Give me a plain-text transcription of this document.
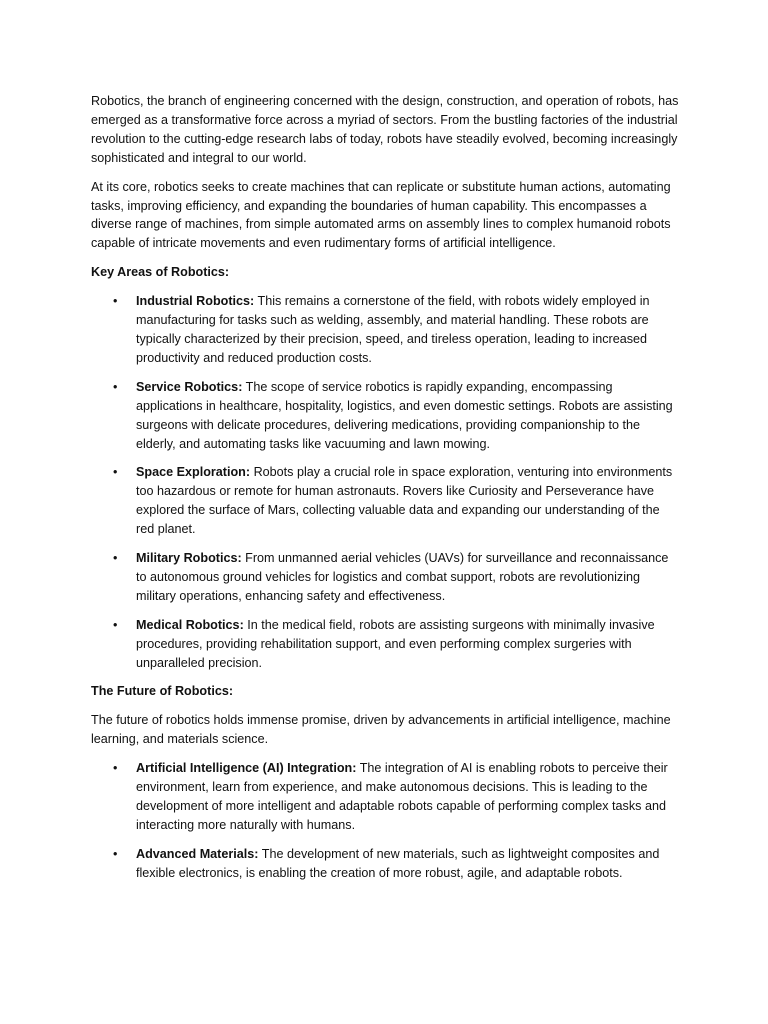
Robotics, the branch of engineering concerned with the design, construction, and operation of robots, has emerged as a transformative force across a myriad of sectors. From the bustling factories of the industrial revolution to the cutting-edge research labs of today, robots have steadily evolved, becoming increasingly sophisticated and integral to our world.

At its core, robotics seeks to create machines that can replicate or substitute human actions, automating tasks, improving efficiency, and expanding the boundaries of human capability. This encompasses a diverse range of machines, from simple automated arms on assembly lines to complex humanoid robots capable of intricate movements and even rudimentary forms of artificial intelligence.

Key Areas of Robotics:

• Industrial Robotics: This remains a cornerstone of the field, with robots widely employed in manufacturing for tasks such as welding, assembly, and material handling. These robots are typically characterized by their precision, speed, and tireless operation, leading to increased productivity and reduced production costs.
• Service Robotics: The scope of service robotics is rapidly expanding, encompassing applications in healthcare, hospitality, logistics, and even domestic settings. Robots are assisting surgeons with delicate procedures, delivering medications, providing companionship to the elderly, and automating tasks like vacuuming and lawn mowing.
• Space Exploration: Robots play a crucial role in space exploration, venturing into environments too hazardous or remote for human astronauts. Rovers like Curiosity and Perseverance have explored the surface of Mars, collecting valuable data and expanding our understanding of the red planet.
• Military Robotics: From unmanned aerial vehicles (UAVs) for surveillance and reconnaissance to autonomous ground vehicles for logistics and combat support, robots are revolutionizing military operations, enhancing safety and effectiveness.
• Medical Robotics: In the medical field, robots are assisting surgeons with minimally invasive procedures, providing rehabilitation support, and even performing complex surgeries with unparalleled precision.

The Future of Robotics:

The future of robotics holds immense promise, driven by advancements in artificial intelligence, machine learning, and materials science.

• Artificial Intelligence (AI) Integration: The integration of AI is enabling robots to perceive their environment, learn from experience, and make autonomous decisions. This is leading to the development of more intelligent and adaptable robots capable of performing complex tasks and interacting more naturally with humans.
• Advanced Materials: The development of new materials, such as lightweight composites and flexible electronics, is enabling the creation of more robust, agile, and adaptable robots.
